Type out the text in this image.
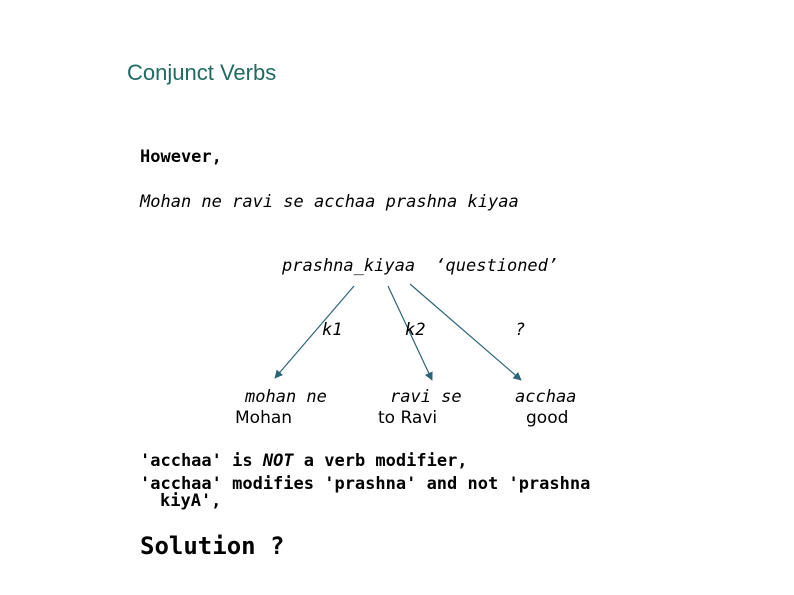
Conjunct Verbs
However,
Mohan ne ravi se acchaa prashna kiyaa
prashna_kiyaa ‘questioned’
k1	k2	?
mohan ne
Mohan
ravi se
to Ravi
acchaa
good
'acchaa' is NOT a verb modifier,
'acchaa' modifies 'prashna' and not 'prashna
kiyA',
Solution ?
